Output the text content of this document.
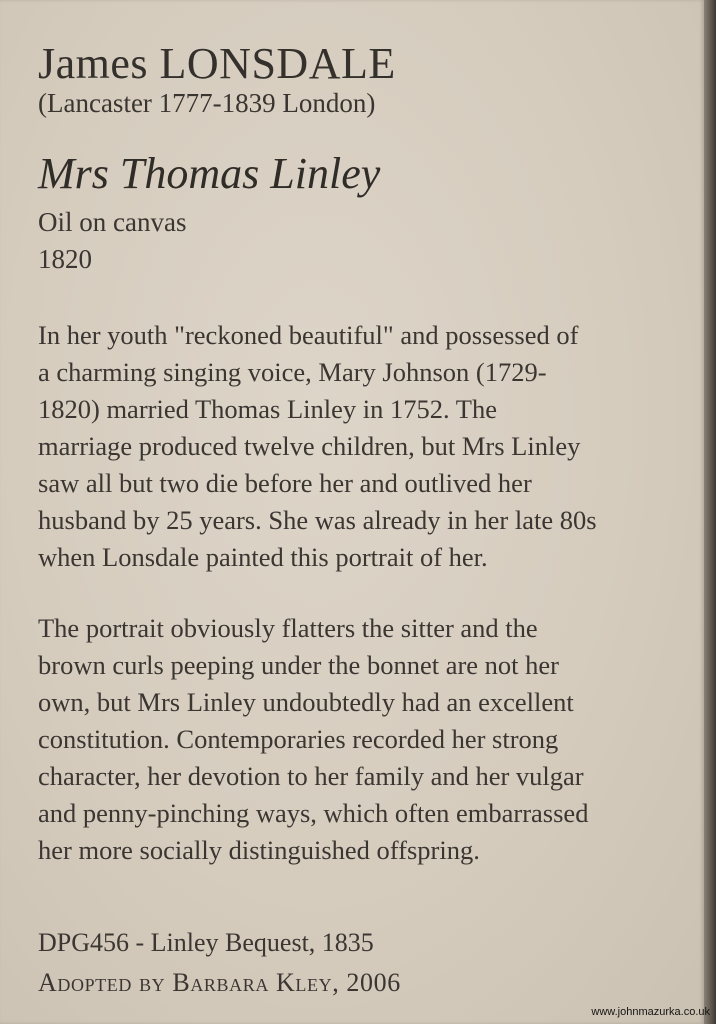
James LONSDALE
(Lancaster 1777-1839 London)
Mrs Thomas Linley
Oil on canvas
1820

In her youth "reckoned beautiful" and possessed of
a charming singing voice, Mary Johnson (1729-
1820) married Thomas Linley in 1752. The
marriage produced twelve children, but Mrs Linley
saw all but two die before her and outlived her
husband by 25 years. She was already in her late 80s
when Lonsdale painted this portrait of her.

The portrait obviously flatters the sitter and the
brown curls peeping under the bonnet are not her
own, but Mrs Linley undoubtedly had an excellent
constitution. Contemporaries recorded her strong
character, her devotion to her family and her vulgar
and penny-pinching ways, which often embarrassed
her more socially distinguished offspring.

DPG456 - Linley Bequest, 1835
Adopted by Barbara Kley, 2006
www.johnmazurka.co.uk
